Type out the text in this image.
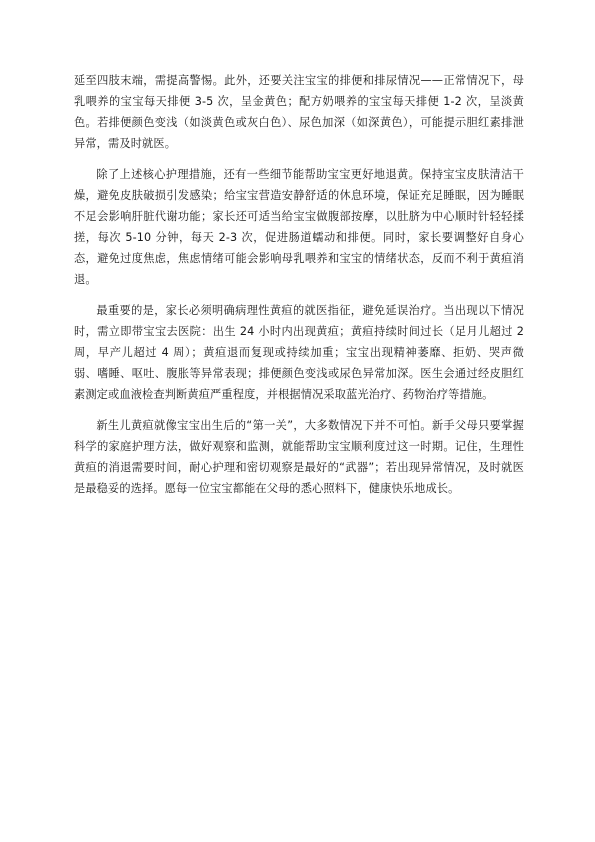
延至四肢末端，需提高警惕。此外，还要关注宝宝的排便和排尿情况——正常情况下，母乳喂养的宝宝每天排便 3-5 次，呈金黄色；配方奶喂养的宝宝每天排便 1-2 次，呈淡黄色。若排便颜色变浅（如淡黄色或灰白色）、尿色加深（如深黄色），可能提示胆红素排泄异常，需及时就医。

除了上述核心护理措施，还有一些细节能帮助宝宝更好地退黄。保持宝宝皮肤清洁干燥，避免皮肤破损引发感染；给宝宝营造安静舒适的休息环境，保证充足睡眠，因为睡眠不足会影响肝脏代谢功能；家长还可适当给宝宝做腹部按摩，以肚脐为中心顺时针轻轻揉搓，每次 5-10 分钟，每天 2-3 次，促进肠道蠕动和排便。同时，家长要调整好自身心态，避免过度焦虑，焦虑情绪可能会影响母乳喂养和宝宝的情绪状态，反而不利于黄疸消退。

最重要的是，家长必须明确病理性黄疸的就医指征，避免延误治疗。当出现以下情况时，需立即带宝宝去医院：出生 24 小时内出现黄疸；黄疸持续时间过长（足月儿超过 2 周，早产儿超过 4 周）；黄疸退而复现或持续加重；宝宝出现精神萎靡、拒奶、哭声微弱、嗜睡、呕吐、腹胀等异常表现；排便颜色变浅或尿色异常加深。医生会通过经皮胆红素测定或血液检查判断黄疸严重程度，并根据情况采取蓝光治疗、药物治疗等措施。

新生儿黄疸就像宝宝出生后的“第一关”，大多数情况下并不可怕。新手父母只要掌握科学的家庭护理方法，做好观察和监测，就能帮助宝宝顺利度过这一时期。记住，生理性黄疸的消退需要时间，耐心护理和密切观察是最好的“武器”；若出现异常情况，及时就医是最稳妥的选择。愿每一位宝宝都能在父母的悉心照料下，健康快乐地成长。
